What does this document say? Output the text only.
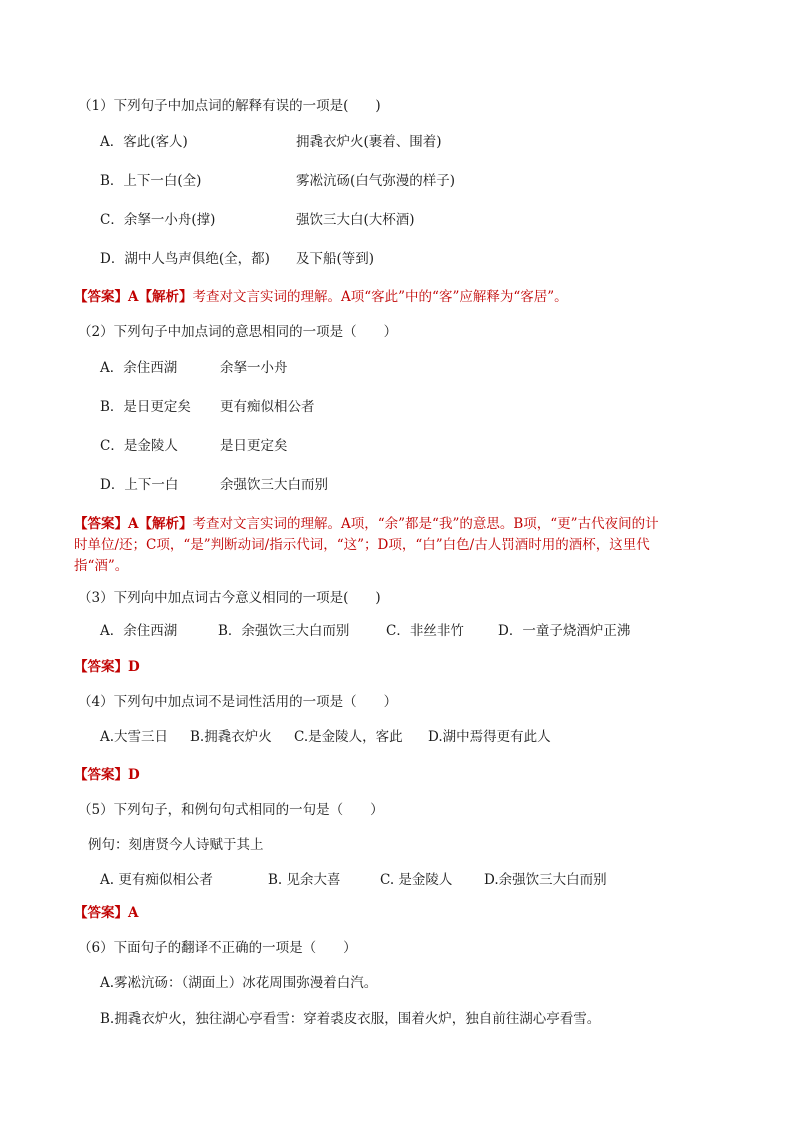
（1）下列句子中加点词的解释有误的一项是(　　)
A．客此(客人)	拥毳衣炉火(裹着、围着)
B．上下一白(全)	雾凇沆砀(白气弥漫的样子)
C．余拏一小舟(撑)	强饮三大白(大杯酒)
D．湖中人鸟声俱绝(全，都) 及下船(等到)
【答案】A【解析】考查对文言实词的理解。A项“客此”中的“客”应解释为“客居”。
（2）下列句子中加点词的意思相同的一项是（　　）
A．余住西湖	余拏一小舟
B．是日更定矣 更有痴似相公者
C．是金陵人	是日更定矣
D．上下一白	余强饮三大白而别
【答案】A【解析】考查对文言实词的理解。A项，“余”都是“我”的意思。B项，“更”古代夜间的计
时单位/还；C项，“是”判断动词/指示代词，“这”；D项，“白”白色/古人罚酒时用的酒杯，这里代
指“酒”。
（3）下列向中加点词古今意义相同的一项是(　　)
A．余住西湖	B．余强饮三大白而别	C．非丝非竹	D．一童子烧酒炉正沸
【答案】D
（4）下列句中加点词不是词性活用的一项是（　　）
A.大雪三日 B.拥毳衣炉火 C.是金陵人，客此 D.湖中焉得更有此人
【答案】D
（5）下列句子，和例句句式相同的一句是（　　）
例句：刻唐贤今人诗赋于其上
A. 更有痴似相公者	B. 见余大喜	C. 是金陵人 D.余强饮三大白而别
【答案】A
（6）下面句子的翻译不正确的一项是（　　）
A.雾凇沆砀：（湖面上）冰花周围弥漫着白汽。
B.拥毳衣炉火，独往湖心亭看雪：穿着裘皮衣服，围着火炉，独自前往湖心亭看雪。
